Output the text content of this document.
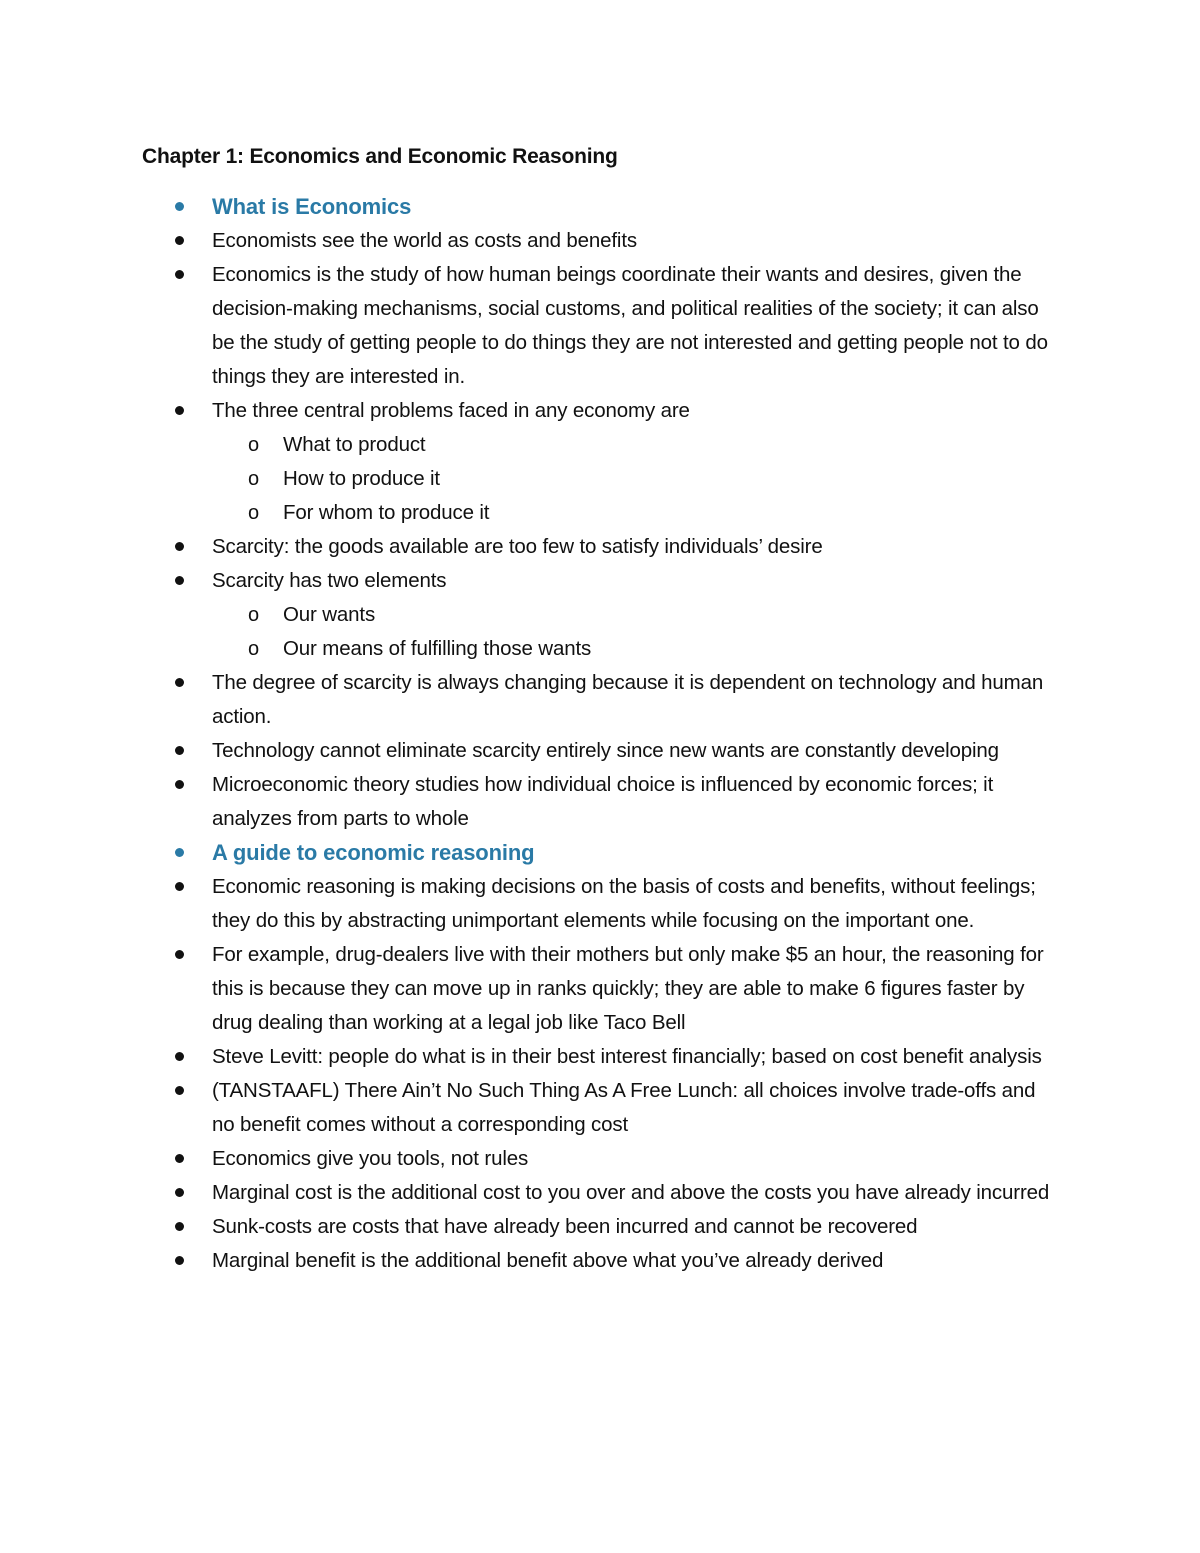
Chapter 1: Economics and Economic Reasoning
What is Economics
Economists see the world as costs and benefits
Economics is the study of how human beings coordinate their wants and desires, given the decision-making mechanisms, social customs, and political realities of the society; it can also be the study of getting people to do things they are not interested and getting people not to do things they are interested in.
The three central problems faced in any economy are
o What to product
o How to produce it
o For whom to produce it
Scarcity: the goods available are too few to satisfy individuals’ desire
Scarcity has two elements
o Our wants
o Our means of fulfilling those wants
The degree of scarcity is always changing because it is dependent on technology and human action.
Technology cannot eliminate scarcity entirely since new wants are constantly developing
Microeconomic theory studies how individual choice is influenced by economic forces; it analyzes from parts to whole
A guide to economic reasoning
Economic reasoning is making decisions on the basis of costs and benefits, without feelings; they do this by abstracting unimportant elements while focusing on the important one.
For example, drug-dealers live with their mothers but only make $5 an hour, the reasoning for this is because they can move up in ranks quickly; they are able to make 6 figures faster by drug dealing than working at a legal job like Taco Bell
Steve Levitt: people do what is in their best interest financially; based on cost benefit analysis
(TANSTAAFL) There Ain’t No Such Thing As A Free Lunch: all choices involve trade-offs and no benefit comes without a corresponding cost
Economics give you tools, not rules
Marginal cost is the additional cost to you over and above the costs you have already incurred
Sunk-costs are costs that have already been incurred and cannot be recovered
Marginal benefit is the additional benefit above what you’ve already derived
